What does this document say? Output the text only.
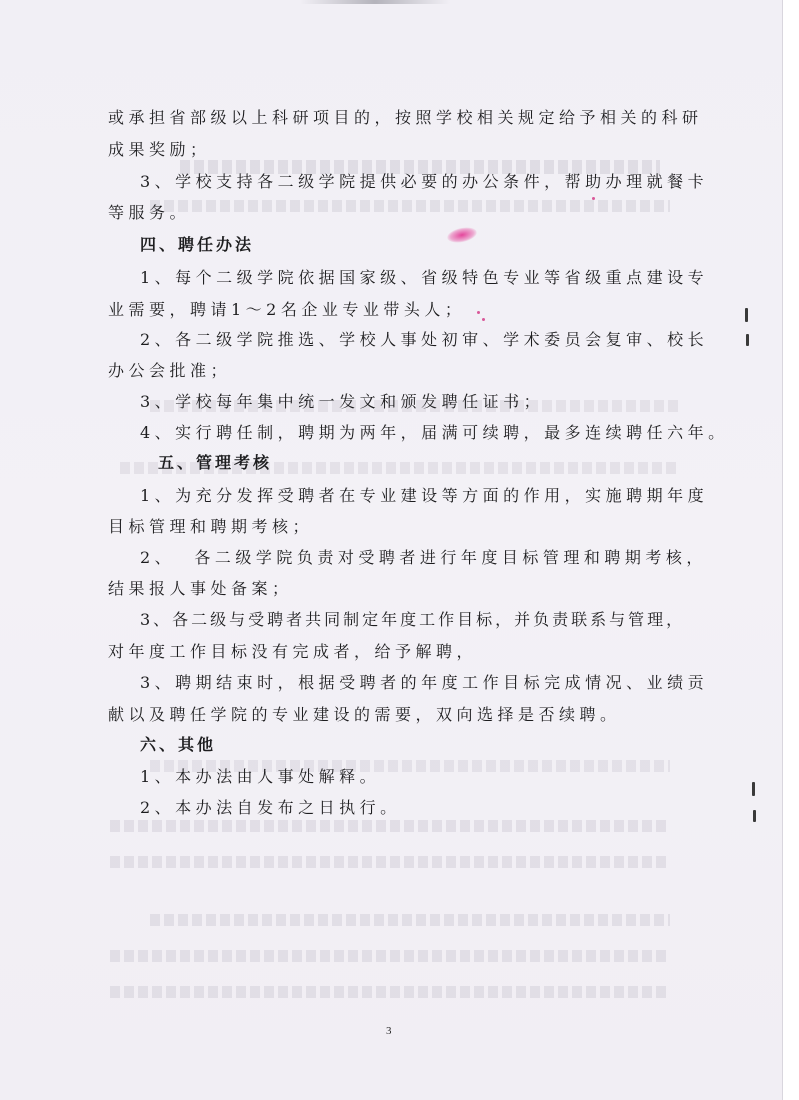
或承担省部级以上科研项目的，按照学校相关规定给予相关的科研
成果奖励；
3、学校支持各二级学院提供必要的办公条件，帮助办理就餐卡
等服务。
四、聘任办法
1、每个二级学院依据国家级、省级特色专业等省级重点建设专
业需要，聘请1～2名企业专业带头人；
2、各二级学院推选、学校人事处初审、学术委员会复审、校长
办公会批准；
3、学校每年集中统一发文和颁发聘任证书；
4、实行聘任制，聘期为两年，届满可续聘，最多连续聘任六年。
五、管理考核
1、为充分发挥受聘者在专业建设等方面的作用，实施聘期年度
目标管理和聘期考核；
2、  各二级学院负责对受聘者进行年度目标管理和聘期考核，
结果报人事处备案；
3、各二级与受聘者共同制定年度工作目标，并负责联系与管理，
对年度工作目标没有完成者，给予解聘，
3、聘期结束时，根据受聘者的年度工作目标完成情况、业绩贡
献以及聘任学院的专业建设的需要，双向选择是否续聘。
六、其他
1、本办法由人事处解释。
2、本办法自发布之日执行。
3
